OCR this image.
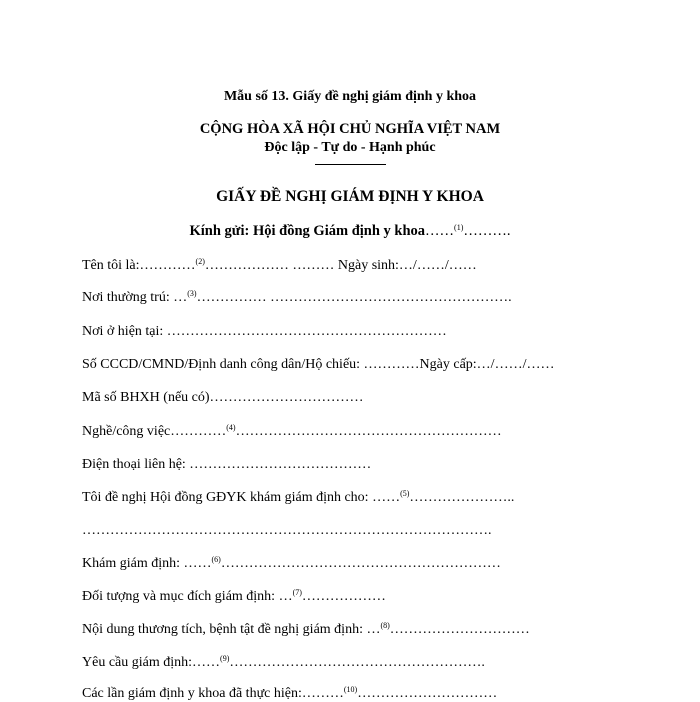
Mẫu số 13. Giấy đề nghị giám định y khoa
CỘNG HÒA XÃ HỘI CHỦ NGHĨA VIỆT NAM
Độc lập - Tự do - Hạnh phúc
GIẤY ĐỀ NGHỊ GIÁM ĐỊNH Y KHOA
Kính gửi: Hội đồng Giám định y khoa……$^{(1)}$……….
Tên tôi là:…………$^{(2)}$……………… ……… Ngày sinh:…/……/……
Nơi thường trú: …$^{(3)}$…………… …………………………………………….
Nơi ở hiện tại: ……………………………………………………
Số CCCD/CMND/Định danh công dân/Hộ chiếu: …………Ngày cấp:…/……/……
Mã số BHXH (nếu có)……………………………
Nghề/công việc…………$^{(4)}$…………………………………………………
Điện thoại liên hệ: …………………………………
Tôi đề nghị Hội đồng GĐYK khám giám định cho: ……$^{(5)}$…………………..
…………………………………………………………………………….
Khám giám định: ……$^{(6)}$……………………………………………………
Đối tượng và mục đích giám định: …$^{(7)}$………………
Nội dung thương tích, bệnh tật đề nghị giám định: …$^{(8)}$…………………………
Yêu cầu giám định:……$^{(9)}$……………………………………………….
Các lần giám định y khoa đã thực hiện:………$^{(10)}$…………………………
